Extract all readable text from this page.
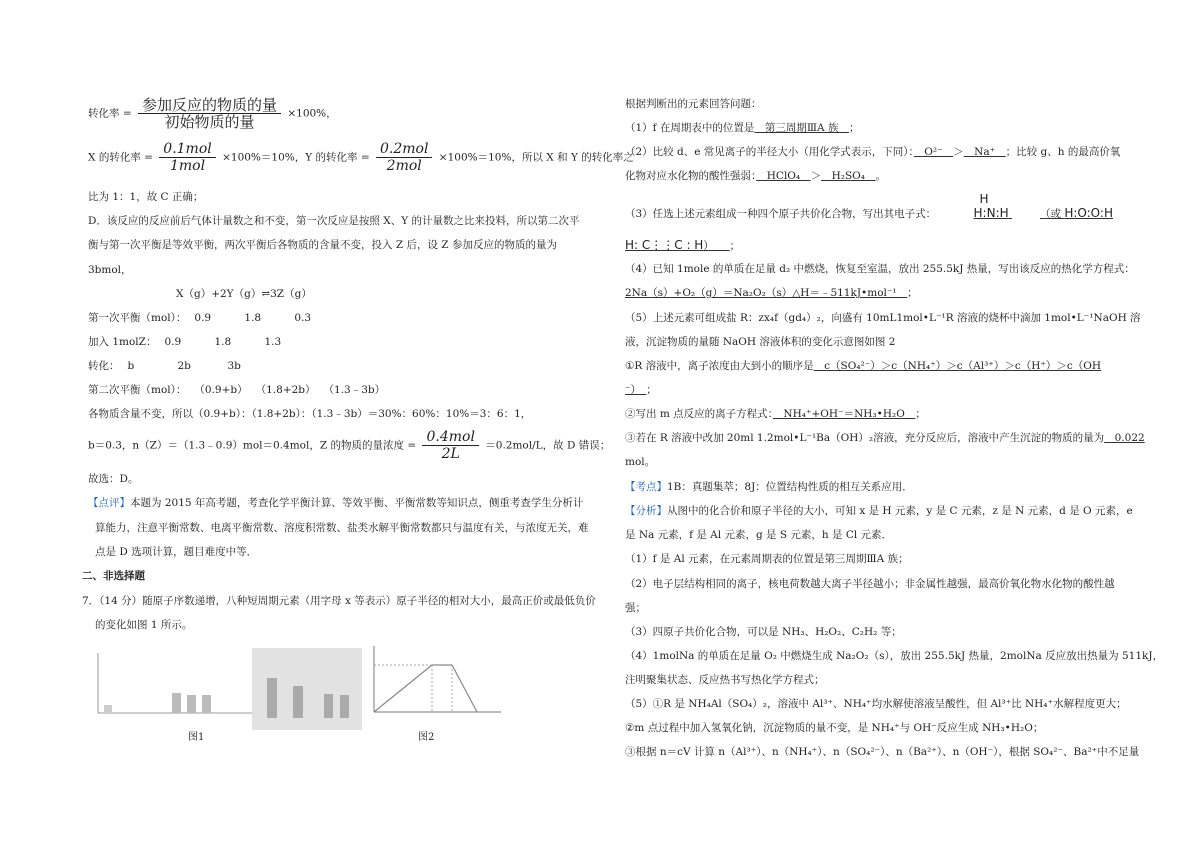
转化率 = $\frac{\text{参加反应的物质的量}}{\text{初始物质的量}} \times 100\%$，
X 的转化率 = $\frac{\text{0.1mol}}{\text{1mol}} \times 100\%=10\%$，Y 的转化率 = $\frac{\text{0.2mol}}{\text{2mol}} \times 100\%=10\%$，所以 X 和 Y 的转化率之
比为 1：1，故 C 正确；
D．该反应的反应前后气体计量数之和不变，第一次反应是按照 X、Y 的计量数之比来投料，所以第二次平
衡与第一次平衡是等效平衡，两次平衡后各物质的含量不变，投入 Z 后，设 Z 参加反应的物质的量为
3bmol，
X（g）+2Y（g）⇌3Z（g）
第一次平衡（mol）： 0.9	1.8	0.3
加入 1molZ： 0.9	1.8	1.3
转化： b	2b	3b
第二次平衡（mol）： （0.9+b） （1.8+2b） （1.3﹣3b）
各物质含量不变，所以（0.9+b）：（1.8+2b）：（1.3﹣3b）＝30%：60%：10%＝3：6：1，
b＝0.3，n（Z）＝（1.3﹣0.9）mol＝0.4mol，Z 的物质的量浓度 = $\frac{\text{0.4mol}}{2L} =0.2mol/L$，故 D 错误；
故选：D。
【点评】本题为 2015 年高考题，考查化学平衡计算、等效平衡、平衡常数等知识点，侧重考查学生分析计
算能力，注意平衡常数、电离平衡常数、溶度积常数、盐类水解平衡常数都只与温度有关，与浓度无关，难
点是 D 选项计算，题目难度中等．
二、非选择题
7．（14 分）随原子序数递增，八种短周期元素（用字母 x 等表示）原子半径的相对大小，最高正价或最低负价
的变化如图 1 所示。
图1	图2
根据判断出的元素回答问题：
（1）f 在周期表中的位置是　第三周期ⅢA 族　；
（2）比较 d、e 常见离子的半径大小（用化学式表示，下同）：　O²⁻　＞　Na⁺　；比较 g、h 的最高价氧
化物对应水化物的酸性强弱：　HClO₄　＞　H₂SO₄　。
（3）任选上述元素组成一种四个原子共价化合物，写出其电子式：
H
H:N:H	（或 H:O:O:H
H: C⋮⋮C : H）　　 ；
（4）已知 1mole 的单质在足量 d₂ 中燃烧，恢复至室温，放出 255.5kJ 热量，写出该反应的热化学方程式：
2Na（s）+O₂（g）＝Na₂O₂（s）△H＝﹣511kJ•mol⁻¹　；
（5）上述元素可组成盐 R：zx₄f（gd₄）₂，向盛有 10mL1mol•L⁻¹R 溶液的烧杯中滴加 1mol•L⁻¹NaOH 溶
液，沉淀物质的量随 NaOH 溶液体积的变化示意图如图 2
①R 溶液中，离子浓度由大到小的顺序是　c（SO₄²⁻）＞c（NH₄⁺）＞c（Al³⁺）＞c（H⁺）＞c（OH
⁻）　；
②写出 m 点反应的离子方程式：　NH₄⁺+OH⁻＝NH₃•H₂O　；
③若在 R 溶液中改加 20ml 1.2mol•L⁻¹Ba（OH）₂溶液，充分反应后，溶液中产生沉淀的物质的量为　0.022
mol。
【考点】1B：真题集萃；8J：位置结构性质的相互关系应用．
【分析】从图中的化合价和原子半径的大小，可知 x 是 H 元素，y 是 C 元素，z 是 N 元素，d 是 O 元素，e
是 Na 元素，f 是 Al 元素，g 是 S 元素，h 是 Cl 元素．
（1）f 是 Al 元素，在元素周期表的位置是第三周期ⅢA 族；
（2）电子层结构相同的离子，核电荷数越大离子半径越小；非金属性越强，最高价氧化物水化物的酸性越
强；
（3）四原子共价化合物，可以是 NH₃、H₂O₂、C₂H₂ 等；
（4）1molNa 的单质在足量 O₂ 中燃烧生成 Na₂O₂（s），放出 255.5kJ 热量，2molNa 反应放出热量为 511kJ，
注明聚集状态、反应热书写热化学方程式；
（5）①R 是 NH₄Al（SO₄）₂，溶液中 Al³⁺、NH₄⁺均水解使溶液呈酸性，但 Al³⁺比 NH₄⁺水解程度更大；
②m 点过程中加入氢氧化钠，沉淀物质的量不变，是 NH₄⁺与 OH⁻反应生成 NH₃•H₂O；
③根据 n＝cV 计算 n（Al³⁺）、n（NH₄⁺）、n（SO₄²⁻）、n（Ba²⁺）、n（OH⁻），根据 SO₄²⁻、Ba²⁺中不足量
